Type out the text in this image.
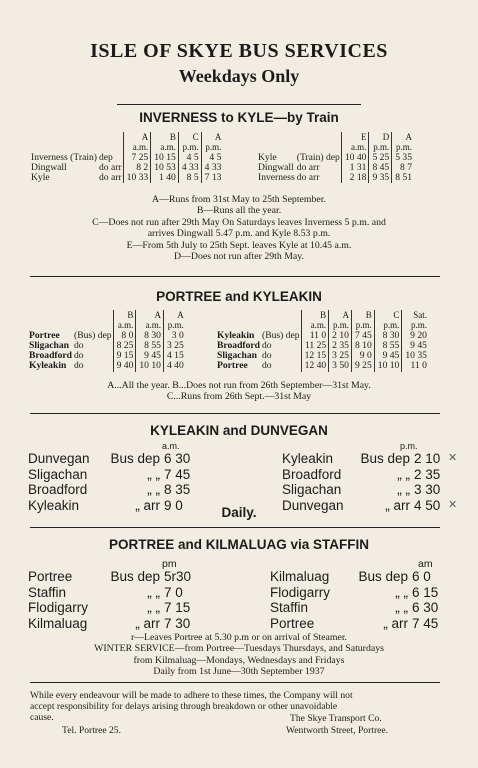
ISLE OF SKYE BUS SERVICES
Weekdays Only
INVERNESS to KYLE—by Train
		A	B	C	A
		a.m.	a.m.	p.m.	p.m.
Inverness (Train)	dep	7 25	10 15	4 5	4 5
Dingwall	do arr	8 2	10 53	4 33	4 33
Kyle	do arr	10 33	1 40	8 5	7 13
		E	D	A
		a.m.	p.m.	p.m.
Kyle	(Train) dep	10 40	5 25	5 35
Dingwall	do arr	1 31	8 45	8 7
Inverness	do arr	2 18	9 35	8 51
A—Runs from 31st May to 25th September.
B—Runs all the year.
C—Does not run after 29th May On Saturdays leaves Inverness 5 p.m. and
arrives Dingwall 5.47 p.m. and Kyle 8.53 p.m.
E—From 5th July to 25th Sept. leaves Kyle at 10.45 a.m.
D—Does not run after 29th May.
PORTREE and KYLEAKIN
		B	A	A
		a.m.	a.m.	p.m.
Portree	(Bus) dep	8 0	8 30	3 0
Sligachan	do	8 25	8 55	3 25
Broadford	do	9 15	9 45	4 15
Kyleakin	do	9 40	10 10	4 40
		B	A	B	C	Sat.
		a.m.	p.m.	p.m.	p.m.	p.m.
Kyleakin	(Bus) dep	11 0	2 10	7 45	8 30	9 20
Broadford	do	11 25	2 35	8 10	8 55	9 45
Sligachan	do	12 15	3 25	9 0	9 45	10 35
Portree	do	12 40	3 50	9 25	10 10	11 0
A...All the year. B...Does not run from 26th September—31st May.
C...Runs from 26th Sept.—31st May
KYLEAKIN and DUNVEGAN
a.m.	p.m.
Dunvegan	Bus dep	6 30
Sligachan	„ „	7 45
Broadford	„ „	8 35
Kyleakin	„ arr	9 0
Kyleakin	Bus dep	2 10	✕
Broadford	„ „	2 35	
Sligachan	„ „	3 30	
Dunvegan	„ arr	4 50	✕
Daily.
PORTREE and KILMALUAG via STAFFIN
pm	am
Portree	Bus dep	5r30
Staffin	„ „	7 0
Flodigarry	„ „	7 15
Kilmaluag	„ arr	7 30
Kilmaluag	Bus dep	6 0
Flodigarry	„ „	6 15
Staffin	„ „	6 30
Portree	„ arr	7 45
r—Leaves Portree at 5.30 p.m or on arrival of Steamer.
WINTER SERVICE—from Portree—Tuesdays Thursdays, and Saturdays
from Kilmaluag—Mondays, Wednesdays and Fridays
Daily from 1st June—30th September 1937
While every endeavour will be made to adhere to these times, the Company will not
accept responsibility for delays arising through breakdown or other unavoidable
cause.	The Skye Transport Co.
Tel. Portree 25.	Wentworth Street, Portree.
